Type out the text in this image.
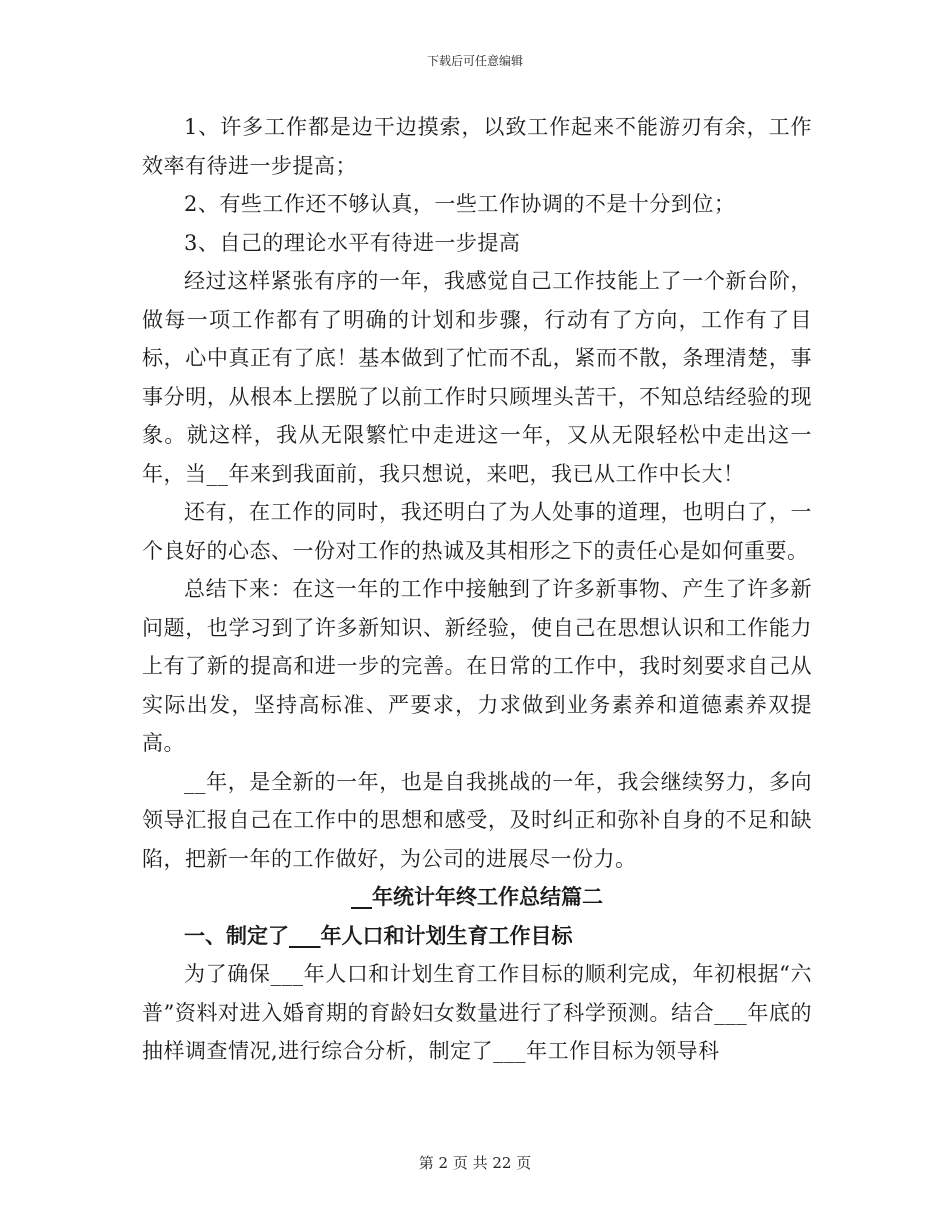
下载后可任意编辑

1、许多工作都是边干边摸索，以致工作起来不能游刃有余，工作效率有待进一步提高；

2、有些工作还不够认真，一些工作协调的不是十分到位；

3、自己的理论水平有待进一步提高

经过这样紧张有序的一年，我感觉自己工作技能上了一个新台阶，做每一项工作都有了明确的计划和步骤，行动有了方向，工作有了目标，心中真正有了底！基本做到了忙而不乱，紧而不散，条理清楚，事事分明，从根本上摆脱了以前工作时只顾埋头苦干，不知总结经验的现象。就这样，我从无限繁忙中走进这一年，又从无限轻松中走出这一年，当__年来到我面前，我只想说，来吧，我已从工作中长大！

还有，在工作的同时，我还明白了为人处事的道理，也明白了，一个良好的心态、一份对工作的热诚及其相形之下的责任心是如何重要。

总结下来：在这一年的工作中接触到了许多新事物、产生了许多新问题，也学习到了许多新知识、新经验，使自己在思想认识和工作能力上有了新的提高和进一步的完善。在日常的工作中，我时刻要求自己从实际出发，坚持高标准、严要求，力求做到业务素养和道德素养双提高。

__年，是全新的一年，也是自我挑战的一年，我会继续努力，多向领导汇报自己在工作中的思想和感受，及时纠正和弥补自身的不足和缺陷，把新一年的工作做好，为公司的进展尽一份力。

__年统计年终工作总结篇二

一、制定了___年人口和计划生育工作目标

为了确保___年人口和计划生育工作目标的顺利完成，年初根据“六普”资料对进入婚育期的育龄妇女数量进行了科学预测。结合___年底的抽样调查情况,进行综合分析，制定了___年工作目标为领导科

第 2 页 共 22 页
